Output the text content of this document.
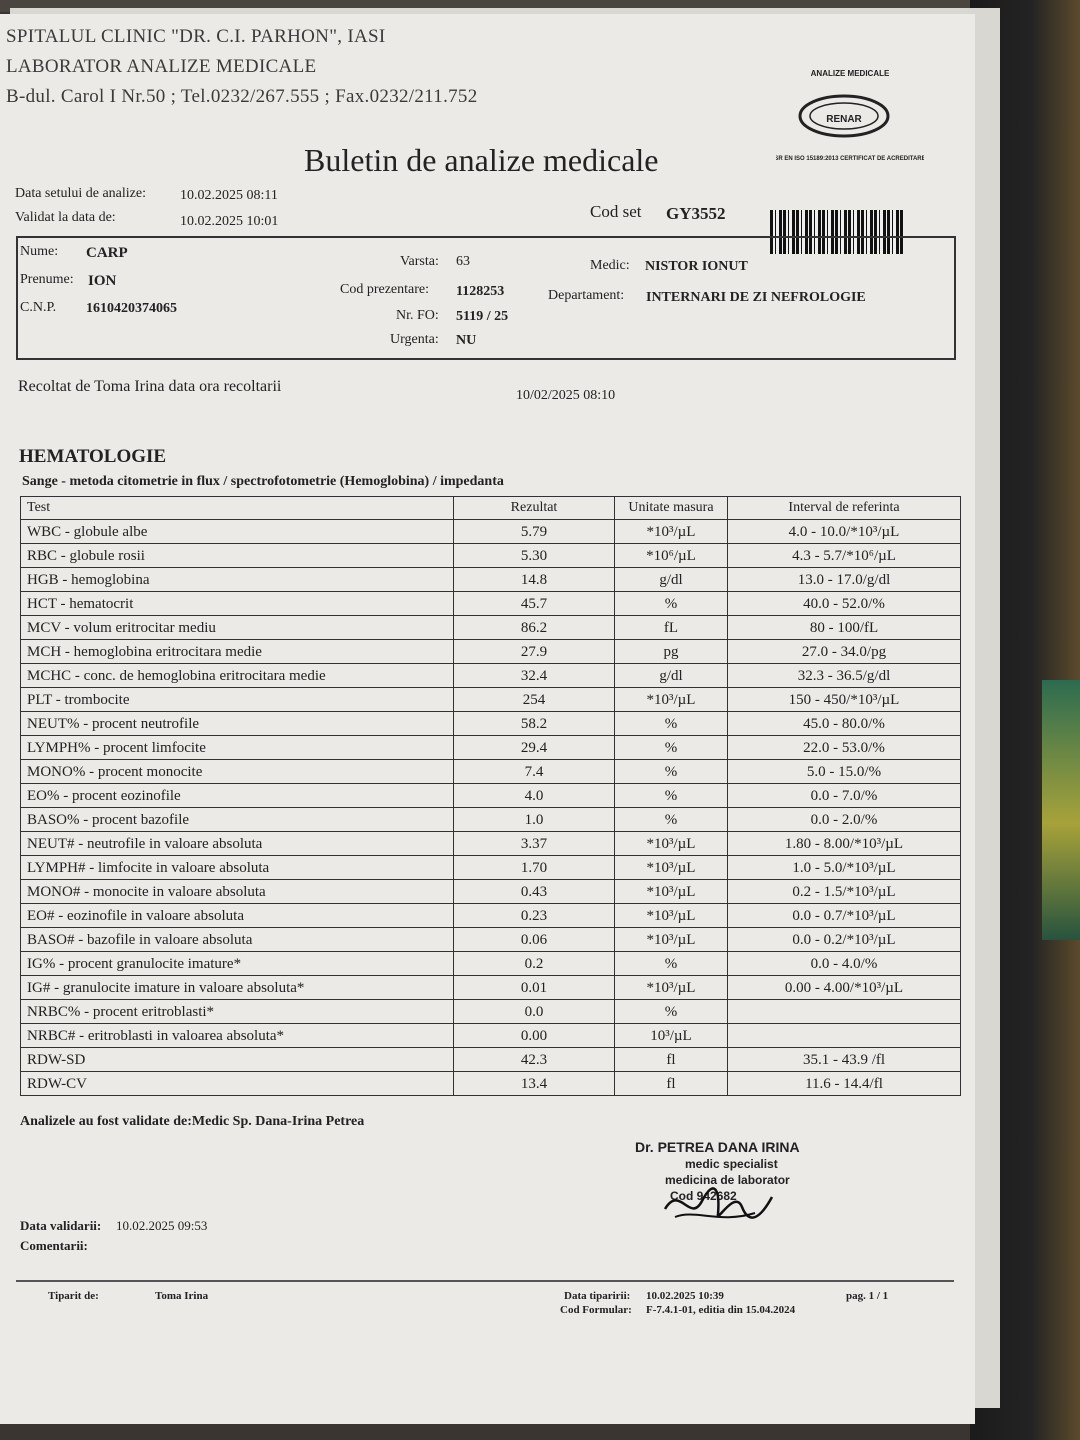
SPITALUL CLINIC "DR. C.I. PARHON", IASI
LABORATOR ANALIZE MEDICALE
B-dul. Carol I Nr.50 ; Tel.0232/267.555 ; Fax.0232/211.752
ANALIZE MEDICALE
RENAR
SR EN ISO 15189:2013 CERTIFICAT DE ACREDITARE
Buletin de analize medicale
Data setului de analize: 10.02.2025 08:11
Validat la data de:	10.02.2025 10:01
Cod set GY3552
Nume: CARP
Prenume: ION
C.N.P. 1610420374065
Varsta: 63
Cod prezentare: 1128253
Nr. FO: 5119 / 25
Urgenta: NU
Medic: NISTOR IONUT
Departament: INTERNARI DE ZI NEFROLOGIE
Recoltat de Toma Irina data ora recoltarii
10/02/2025 08:10
HEMATOLOGIE
Sange - metoda citometrie in flux / spectrofotometrie (Hemoglobina) / impedanta
Test	Rezultat	Unitate masura	Interval de referinta
WBC - globule albe	5.79	*10³/µL	4.0 - 10.0/*10³/µL
RBC - globule rosii	5.30	*10⁶/µL	4.3 - 5.7/*10⁶/µL
HGB - hemoglobina	14.8	g/dl	13.0 - 17.0/g/dl
HCT - hematocrit	45.7	%	40.0 - 52.0/%
MCV - volum eritrocitar mediu	86.2	fL	80 - 100/fL
MCH - hemoglobina eritrocitara medie	27.9	pg	27.0 - 34.0/pg
MCHC - conc. de hemoglobina eritrocitara medie	32.4	g/dl	32.3 - 36.5/g/dl
PLT - trombocite	254	*10³/µL	150 - 450/*10³/µL
NEUT% - procent neutrofile	58.2	%	45.0 - 80.0/%
LYMPH% - procent limfocite	29.4	%	22.0 - 53.0/%
MONO% - procent monocite	7.4	%	5.0 - 15.0/%
EO% - procent eozinofile	4.0	%	0.0 - 7.0/%
BASO% - procent bazofile	1.0	%	0.0 - 2.0/%
NEUT# - neutrofile in valoare absoluta	3.37	*10³/µL	1.80 - 8.00/*10³/µL
LYMPH# - limfocite in valoare absoluta	1.70	*10³/µL	1.0 - 5.0/*10³/µL
MONO# - monocite in valoare absoluta	0.43	*10³/µL	0.2 - 1.5/*10³/µL
EO# - eozinofile in valoare absoluta	0.23	*10³/µL	0.0 - 0.7/*10³/µL
BASO# - bazofile in valoare absoluta	0.06	*10³/µL	0.0 - 0.2/*10³/µL
IG% - procent granulocite imature*	0.2	%	0.0 - 4.0/%
IG# - granulocite imature in valoare absoluta*	0.01	*10³/µL	0.00 - 4.00/*10³/µL
NRBC% - procent eritroblasti*	0.0	%	
NRBC# - eritroblasti in valoarea absoluta*	0.00	10³/µL	
RDW-SD	42.3	fl	35.1 - 43.9 /fl
RDW-CV	13.4	fl	11.6 - 14.4/fl
Analizele au fost validate de:Medic Sp. Dana-Irina Petrea
Dr. PETREA DANA IRINA
medic specialist
medicina de laborator
Cod 942682
Data validarii: 10.02.2025 09:53
Comentarii:
Tiparit de:	Toma Irina	Data tiparirii: 10.02.2025 10:39
Cod Formular: F-7.4.1-01, editia din 15.04.2024
pag. 1 / 1
